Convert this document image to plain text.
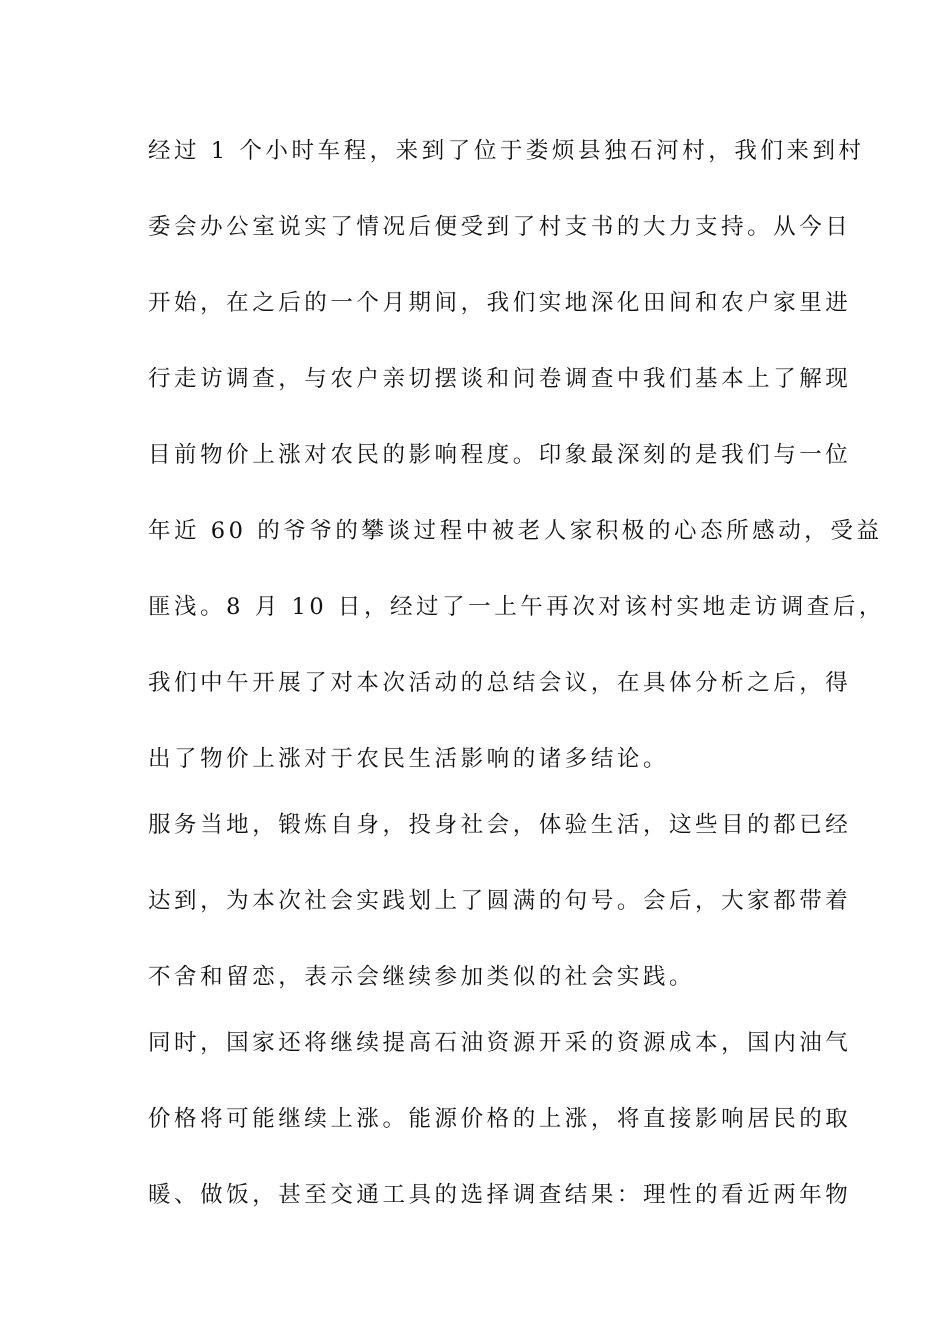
经过 1 个小时车程，来到了位于娄烦县独石河村，我们来到村
委会办公室说实了情况后便受到了村支书的大力支持。从今日
开始，在之后的一个月期间，我们实地深化田间和农户家里进
行走访调查，与农户亲切摆谈和问卷调查中我们基本上了解现
目前物价上涨对农民的影响程度。印象最深刻的是我们与一位
年近 60 的爷爷的攀谈过程中被老人家积极的心态所感动，受益
匪浅。8 月 10 日，经过了一上午再次对该村实地走访调查后，
我们中午开展了对本次活动的总结会议，在具体分析之后，得
出了物价上涨对于农民生活影响的诸多结论。
服务当地，锻炼自身，投身社会，体验生活，这些目的都已经
达到，为本次社会实践划上了圆满的句号。会后，大家都带着
不舍和留恋，表示会继续参加类似的社会实践。
同时，国家还将继续提高石油资源开采的资源成本，国内油气
价格将可能继续上涨。能源价格的上涨，将直接影响居民的取
暖、做饭，甚至交通工具的选择调查结果：理性的看近两年物
